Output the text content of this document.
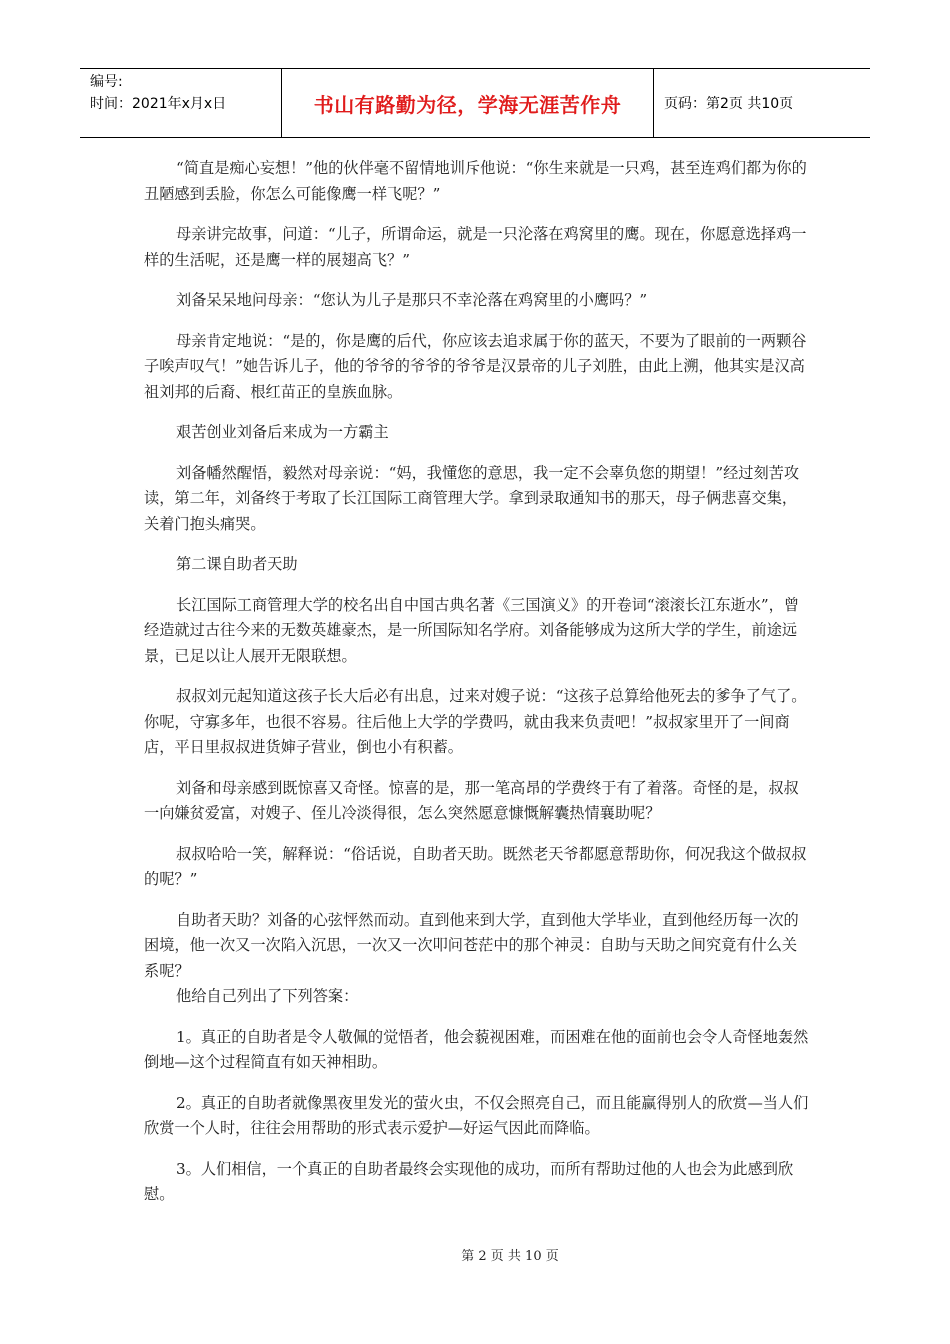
编号:
时间：2021年x月x日	书山有路勤为径，学海无涯苦作舟	页码：第2页 共10页

“简直是痴心妄想！”他的伙伴毫不留情地训斥他说：“你生来就是一只鸡，甚至连鸡们都为你的丑陋感到丢脸，你怎么可能像鹰一样飞呢？”

母亲讲完故事，问道：“儿子，所谓命运，就是一只沦落在鸡窝里的鹰。现在，你愿意选择鸡一样的生活呢，还是鹰一样的展翅高飞？”

刘备呆呆地问母亲：“您认为儿子是那只不幸沦落在鸡窝里的小鹰吗？”

母亲肯定地说：“是的，你是鹰的后代，你应该去追求属于你的蓝天，不要为了眼前的一两颗谷子唉声叹气！”她告诉儿子，他的爷爷的爷爷的爷爷是汉景帝的儿子刘胜，由此上溯，他其实是汉高祖刘邦的后裔、根红苗正的皇族血脉。

艰苦创业刘备后来成为一方霸主

刘备幡然醒悟，毅然对母亲说：“妈，我懂您的意思，我一定不会辜负您的期望！”经过刻苦攻读，第二年，刘备终于考取了长江国际工商管理大学。拿到录取通知书的那天，母子俩悲喜交集，关着门抱头痛哭。

第二课自助者天助

长江国际工商管理大学的校名出自中国古典名著《三国演义》的开卷词“滚滚长江东逝水”，曾经造就过古往今来的无数英雄豪杰，是一所国际知名学府。刘备能够成为这所大学的学生，前途远景，已足以让人展开无限联想。

叔叔刘元起知道这孩子长大后必有出息，过来对嫂子说：“这孩子总算给他死去的爹争了气了。你呢，守寡多年，也很不容易。往后他上大学的学费吗，就由我来负责吧！”叔叔家里开了一间商店，平日里叔叔进货婶子营业，倒也小有积蓄。

刘备和母亲感到既惊喜又奇怪。惊喜的是，那一笔高昂的学费终于有了着落。奇怪的是，叔叔一向嫌贫爱富，对嫂子、侄儿冷淡得很，怎么突然愿意慷慨解囊热情襄助呢？

叔叔哈哈一笑，解释说：“俗话说，自助者天助。既然老天爷都愿意帮助你，何况我这个做叔叔的呢？”

自助者天助？刘备的心弦怦然而动。直到他来到大学，直到他大学毕业，直到他经历每一次的困境，他一次又一次陷入沉思，一次又一次叩问苍茫中的那个神灵：自助与天助之间究竟有什么关系呢？

他给自己列出了下列答案：

1。真正的自助者是令人敬佩的觉悟者，他会藐视困难，而困难在他的面前也会令人奇怪地轰然倒地—这个过程简直有如天神相助。

2。真正的自助者就像黑夜里发光的萤火虫，不仅会照亮自己，而且能赢得别人的欣赏—当人们欣赏一个人时，往往会用帮助的形式表示爱护—好运气因此而降临。

3。人们相信，一个真正的自助者最终会实现他的成功，而所有帮助过他的人也会为此感到欣慰。

第 2 页 共 10 页
